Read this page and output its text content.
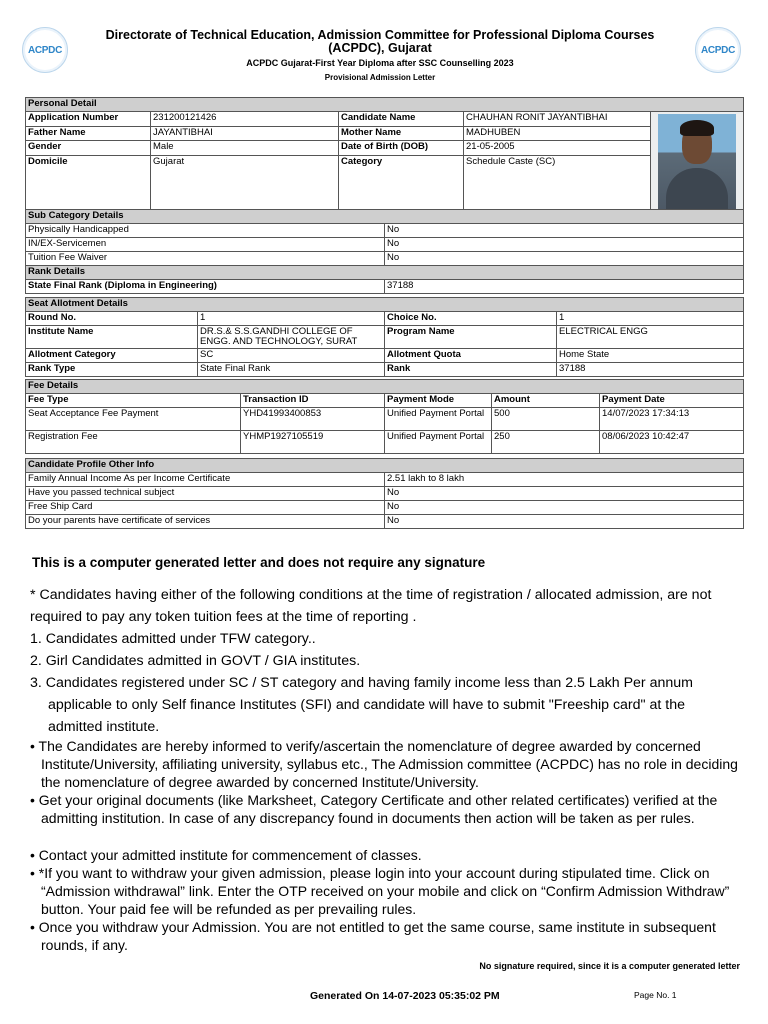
ACPDC	ACPDC
Directorate of Technical Education, Admission Committee for Professional Diploma Courses (ACPDC), Gujarat
ACPDC Gujarat-First Year Diploma after SSC Counselling 2023
Provisional Admission Letter
Personal Detail				
Application Number	231200121426	Candidate Name	CHAUHAN RONIT JAYANTIBHAI	

Father Name	JAYANTIBHAI	Mother Name	MADHUBEN	
Gender	Male	Date of Birth (DOB)	21-05-2005	
Domicile	Gujarat	Category	Schedule Caste (SC)	
Sub Category Details	
Physically Handicapped	No
IN/EX-Servicemen	No
Tuition Fee Waiver	No
Rank Details	
State Final Rank (Diploma in Engineering)	37188
Seat Allotment Details			
Round No.	1	Choice No.	1
Institute Name	DR.S.& S.S.GANDHI COLLEGE OF ENGG. AND TECHNOLOGY, SURAT	Program Name	ELECTRICAL ENGG
Allotment Category	SC	Allotment Quota	Home State
Rank Type	State Final Rank	Rank	37188
Fee Details				
Fee Type	Transaction ID	Payment Mode	Amount	Payment Date
Seat Acceptance Fee Payment	YHD41993400853	Unified Payment Portal	500	14/07/2023 17:34:13
Registration Fee	YHMP1927105519	Unified Payment Portal	250	08/06/2023 10:42:47
Candidate Profile Other Info	
Family Annual Income As per Income Certificate	2.51 lakh to 8 lakh
Have you passed technical subject	No
Free Ship Card	No
Do your parents have certificate of services	No
This is a computer generated letter and does not require any signature
* Candidates having either of the following conditions at the time of registration / allocated admission, are not required to pay any token tuition fees at the time of reporting .
1. Candidates admitted under TFW category..
2. Girl Candidates admitted in GOVT / GIA institutes.
3. Candidates registered under SC / ST category and having family income less than 2.5 Lakh Per annum applicable to only Self finance Institutes (SFI) and candidate will have to submit "Freeship card" at the admitted institute.
• The Candidates are hereby informed to verify/ascertain the nomenclature of degree awarded by concerned Institute/University, affiliating university, syllabus etc., The Admission committee (ACPDC) has no role in deciding the nomenclature of degree awarded by concerned Institute/University.
• Get your original documents (like Marksheet, Category Certificate and other related certificates) verified at the admitting institution. In case of any discrepancy found in documents then action will be taken as per rules.
• Contact your admitted institute for commencement of classes.
• *If you want to withdraw your given admission, please login into your account during stipulated time. Click on “Admission withdrawal” link. Enter the OTP received on your mobile and click on “Confirm Admission Withdraw” button. Your paid fee will be refunded as per prevailing rules.
• Once you withdraw your Admission. You are not entitled to get the same course, same institute in subsequent rounds, if any.
No signature required, since it is a computer generated letter
Generated On 14-07-2023 05:35:02 PM	Page No. 1
